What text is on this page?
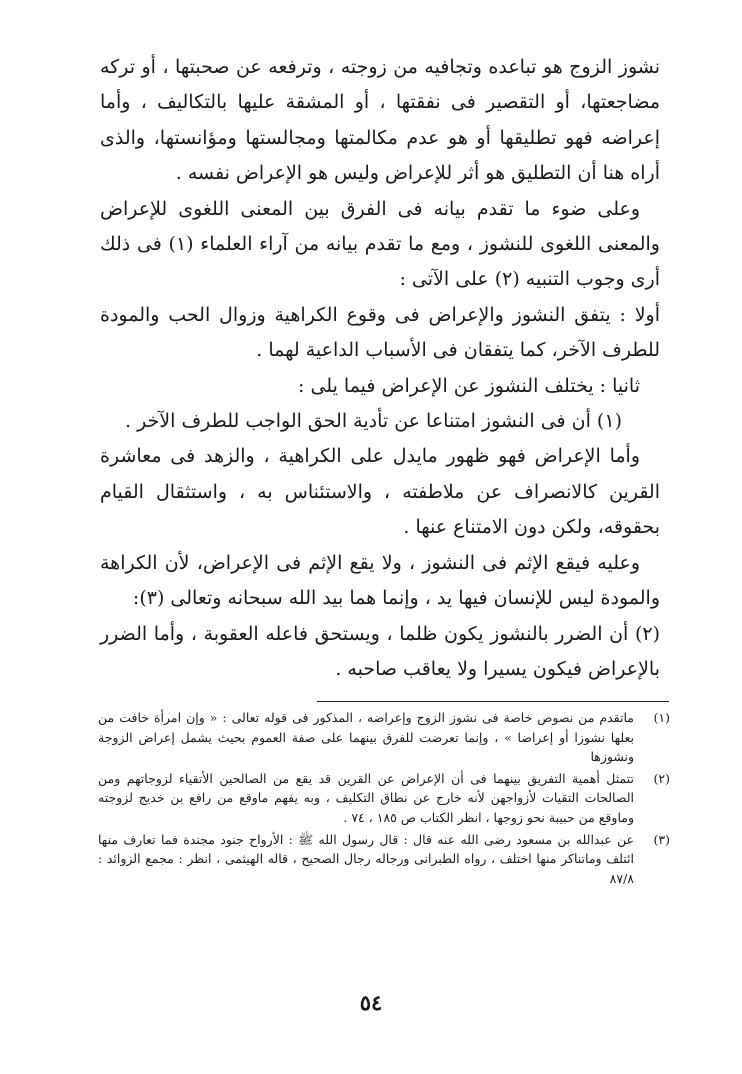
نشوز الزوج هو تباعده وتجافيه من زوجته ، وترفعه عن صحبتها ، أو تركه مضاجعتها، أو التقصير فى نفقتها ، أو المشقة عليها بالتكاليف ، وأما إعراضه فهو تطليقها أو هو عدم مكالمتها ومجالستها ومؤانستها، والذى أراه هنا أن التطليق هو أثر للإعراض وليس هو الإعراض نفسه .

وعلى ضوء ما تقدم بيانه فى الفرق بين المعنى اللغوى للإعراض والمعنى اللغوى للنشوز ، ومع ما تقدم بيانه من آراء العلماء (١) فى ذلك أرى وجوب التنبيه (٢) على الآتى :

أولا : يتفق النشوز والإعراض فى وقوع الكراهية وزوال الحب والمودة للطرف الآخر، كما يتفقان فى الأسباب الداعية لهما .

ثانيا : يختلف النشوز عن الإعراض فيما يلى :

(١) أن فى النشوز امتناعا عن تأدية الحق الواجب للطرف الآخر .

وأما الإعراض فهو ظهور مايدل على الكراهية ، والزهد فى معاشرة القرين كالانصراف عن ملاطفته ، والاستئناس به ، واستثقال القيام بحقوقه، ولكن دون الامتناع عنها .

وعليه فيقع الإثم فى النشوز ، ولا يقع الإثم فى الإعراض، لأن الكراهة والمودة ليس للإنسان فيها يد ، وإنما هما بيد الله سبحانه وتعالى (٣):

(٢) أن الضرر بالنشوز يكون ظلما ، ويستحق فاعله العقوبة ، وأما الضرر بالإعراض فيكون يسيرا ولا يعاقب صاحبه .

(١)
ماتقدم من نصوص خاصة فى نشوز الزوج وإعراضه ، المذكور فى قوله تعالى : « وإن امرأة خافت من بعلها نشوزا أو إعراضا » ، وإنما تعرضت للفرق بينهما على صفة العموم بحيث يشمل إعراض الزوجة ونشوزها
(٢)
تتمثل أهمية التفريق بينهما فى أن الإعراض عن القرين قد يقع من الصالحين الأتقياء لزوجاتهم ومن الصالحات التقيات لأزواجهن لأنه خارج عن نطاق التكليف ، وبه يفهم ماوقع من رافع بن خديج لزوجته وماوقع من حبيبة نحو زوجها ، انظر الكتاب ص ١٨٥ ، ٧٤ .
(٣)
عن عبدالله بن مسعود رضى الله عنه قال : قال رسول الله ﷺ : الأرواح جنود مجندة فما تعارف منها ائتلف وماتناكر منها اختلف ، رواه الطبرانى ورجاله رجال الصحيح ، قاله الهيثمى ، انظر : مجمع الزوائد : ٨٧/٨
٥٤
